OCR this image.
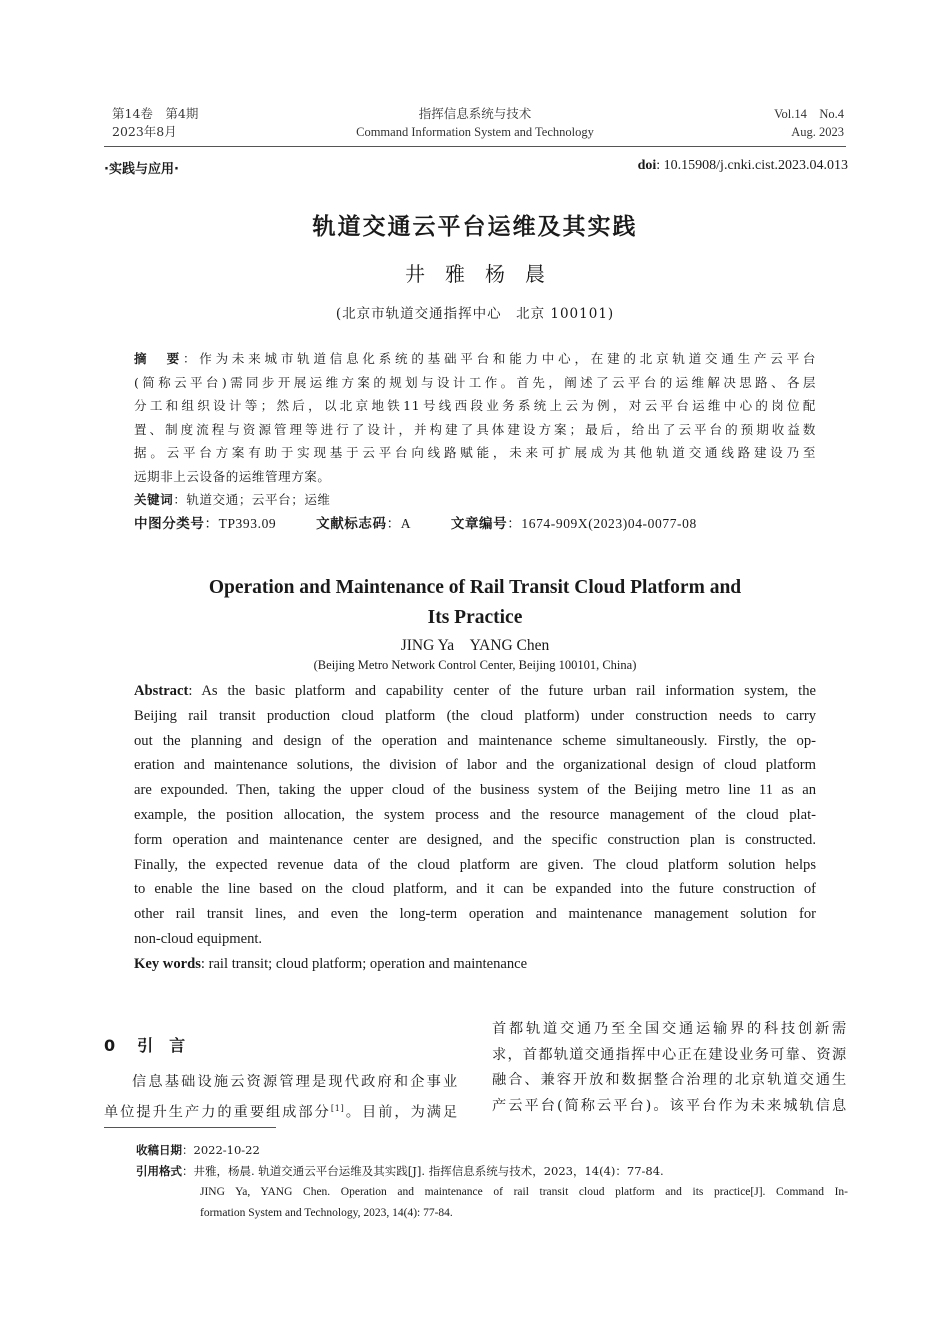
第14卷　第4期
2023年8月
指挥信息系统与技术
Command Information System and Technology
Vol.14　No.4
Aug. 2023
·实践与应用·	doi: 10.15908/j.cnki.cist.2023.04.013
轨道交通云平台运维及其实践
井　雅　杨　晨
(北京市轨道交通指挥中心　北京 100101)
摘　要：作为未来城市轨道信息化系统的基础平台和能力中心，在建的北京轨道交通生产云平台
(简称云平台)需同步开展运维方案的规划与设计工作。首先，阐述了云平台的运维解决思路、各层
分工和组织设计等；然后，以北京地铁11号线西段业务系统上云为例，对云平台运维中心的岗位配
置、制度流程与资源管理等进行了设计，并构建了具体建设方案；最后，给出了云平台的预期收益数
据。云平台方案有助于实现基于云平台向线路赋能，未来可扩展成为其他轨道交通线路建设乃至
远期非上云设备的运维管理方案。
关键词：轨道交通；云平台；运维
中图分类号：TP393.09	文献标志码：A	文章编号：1674-909X(2023)04-0077-08
Operation and Maintenance of Rail Transit Cloud Platform and
Its Practice
JING Ya　YANG Chen
(Beijing Metro Network Control Center, Beijing 100101, China)
Abstract: As the basic platform and capability center of the future urban rail information system, the
Beijing rail transit production cloud platform (the cloud platform) under construction needs to carry
out the planning and design of the operation and maintenance scheme simultaneously. Firstly, the op-
eration and maintenance solutions, the division of labor and the organizational design of cloud platform
are expounded. Then, taking the upper cloud of the business system of the Beijing metro line 11 as an
example, the position allocation, the system process and the resource management of the cloud plat-
form operation and maintenance center are designed, and the specific construction plan is constructed.
Finally, the expected revenue data of the cloud platform are given. The cloud platform solution helps
to enable the line based on the cloud platform, and it can be expanded into the future construction of
other rail transit lines, and even the long-term operation and maintenance management solution for
non-cloud equipment.
Key words: rail transit; cloud platform; operation and maintenance
0 引　言
信息基础设施云资源管理是现代政府和企事业
单位提升生产力的重要组成部分[1]。目前，为满足
首都轨道交通乃至全国交通运输界的科技创新需
求，首都轨道交通指挥中心正在建设业务可靠、资源
融合、兼容开放和数据整合治理的北京轨道交通生
产云平台(简称云平台)。该平台作为未来城轨信息
收稿日期：2022-10-22
引用格式：井雅，杨晨. 轨道交通云平台运维及其实践[J]. 指挥信息系统与技术，2023，14(4)：77-84.
JING Ya, YANG Chen. Operation and maintenance of rail transit cloud platform and its practice[J]. Command In-
formation System and Technology, 2023, 14(4): 77-84.
